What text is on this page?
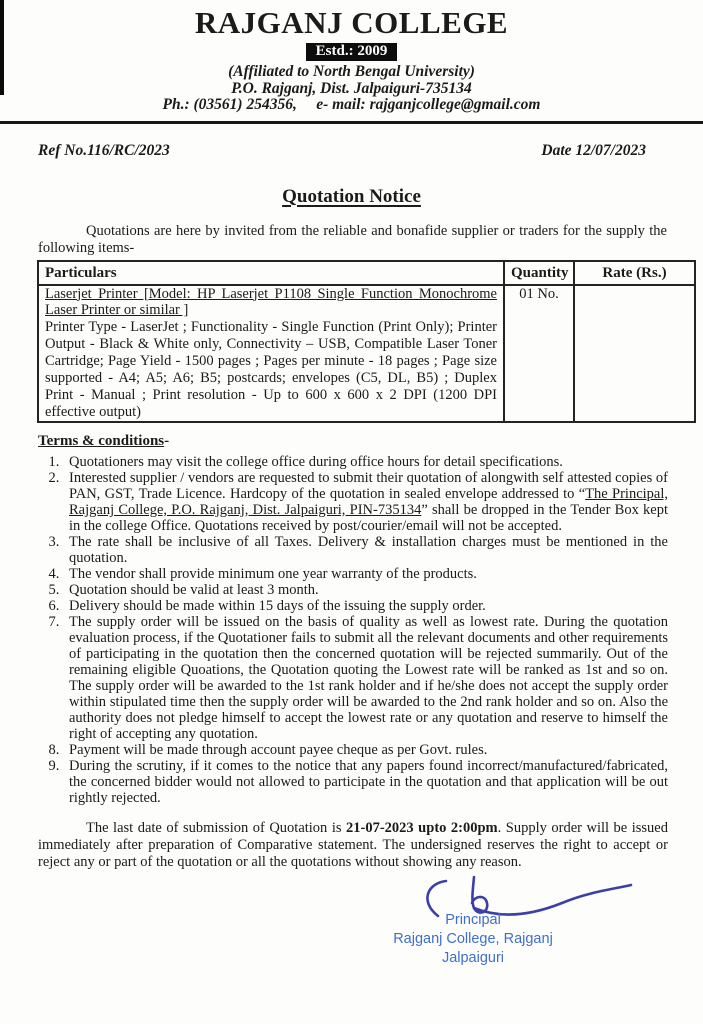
RAJGANJ COLLEGE
Estd.: 2009
(Affiliated to North Bengal University)
P.O. Rajganj, Dist. Jalpaiguri-735134
Ph.: (03561) 254356,   e- mail: rajganjcollege@gmail.com
Ref No.116/RC/2023	Date 12/07/2023
Quotation Notice

Quotations are here by invited from the reliable and bonafide supplier or traders for the supply the following items-

Particulars	Quantity	Rate (Rs.)
Laserjet Printer [Model: HP Laserjet P1108 Single Function Monochrome Laser Printer or similar ]
Printer Type - LaserJet ; Functionality - Single Function (Print Only); Printer Output - Black & White only, Connectivity – USB, Compatible Laser Toner Cartridge; Page Yield - 1500 pages ; Pages per minute - 18 pages ; Page size supported - A4; A5; A6; B5; postcards; envelopes (C5, DL, B5) ; Duplex Print - Manual ; Print resolution - Up to 600 x 600 x 2 DPI (1200 DPI effective output)	01 No.	
Terms & conditions-
1. Quotationers may visit the college office during office hours for detail specifications.
2. Interested supplier / vendors are requested to submit their quotation of alongwith self attested copies of PAN, GST, Trade Licence. Hardcopy of the quotation in sealed envelope addressed to “The Principal, Rajganj College, P.O. Rajganj, Dist. Jalpaiguri, PIN-735134” shall be dropped in the Tender Box kept in the college Office. Quotations received by post/courier/email will not be accepted.
3. The rate shall be inclusive of all Taxes. Delivery & installation charges must be mentioned in the quotation.
4. The vendor shall provide minimum one year warranty of the products.
5. Quotation should be valid at least 3 month.
6. Delivery should be made within 15 days of the issuing the supply order.
7. The supply order will be issued on the basis of quality as well as lowest rate. During the quotation evaluation process, if the Quotationer fails to submit all the relevant documents and other requirements of participating in the quotation then the concerned quotation will be rejected summarily. Out of the remaining eligible Quoations, the Quotation quoting the Lowest rate will be ranked as 1st and so on. The supply order will be awarded to the 1st rank holder and if he/she does not accept the supply order within stipulated time then the supply order will be awarded to the 2nd rank holder and so on. Also the authority does not pledge himself to accept the lowest rate or any quotation and reserve to himself the right of accepting any quotation.
8. Payment will be made through account payee cheque as per Govt. rules.
9. During the scrutiny, if it comes to the notice that any papers found incorrect/manufactured/fabricated, the concerned bidder would not allowed to participate in the quotation and that application will be out rightly rejected.

The last date of submission of Quotation is 21-07-2023 upto 2:00pm. Supply order will be issued immediately after preparation of Comparative statement. The undersigned reserves the right to accept or reject any or part of the quotation or all the quotations without showing any reason.

Principal
Rajganj College, Rajganj
Jalpaiguri
